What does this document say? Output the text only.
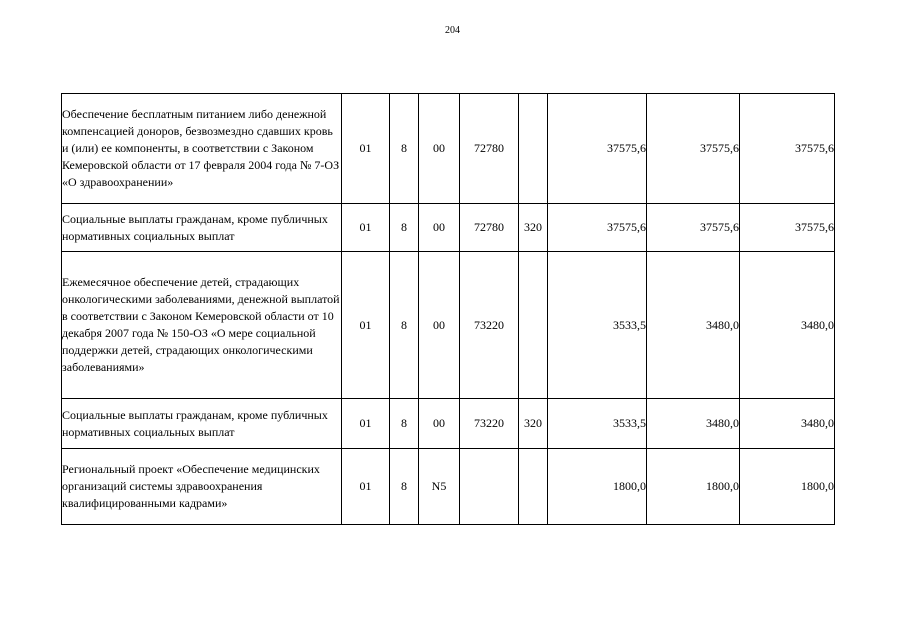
204
Обеспечение бесплатным питанием либо денежной компенсацией доноров, безвозмездно сдавших кровь и (или) ее компоненты, в соответствии с Законом Кемеровской области от 17 февраля 2004 года № 7-ОЗ «О здравоохранении»	01	8	00	72780		37575,6	37575,6	37575,6
Социальные выплаты гражданам, кроме публичных нормативных социальных выплат	01	8	00	72780	320	37575,6	37575,6	37575,6
Ежемесячное обеспечение детей, страдающих онкологическими заболеваниями, денежной выплатой в соответствии с Законом Кемеровской области от 10 декабря 2007 года № 150-ОЗ «О мере социальной поддержки детей, страдающих онкологическими заболеваниями»	01	8	00	73220		3533,5	3480,0	3480,0
Социальные выплаты гражданам, кроме публичных нормативных социальных выплат	01	8	00	73220	320	3533,5	3480,0	3480,0
Региональный проект «Обеспечение медицинских организаций системы здравоохранения квалифицированными кадрами»	01	8	N5			1800,0	1800,0	1800,0
